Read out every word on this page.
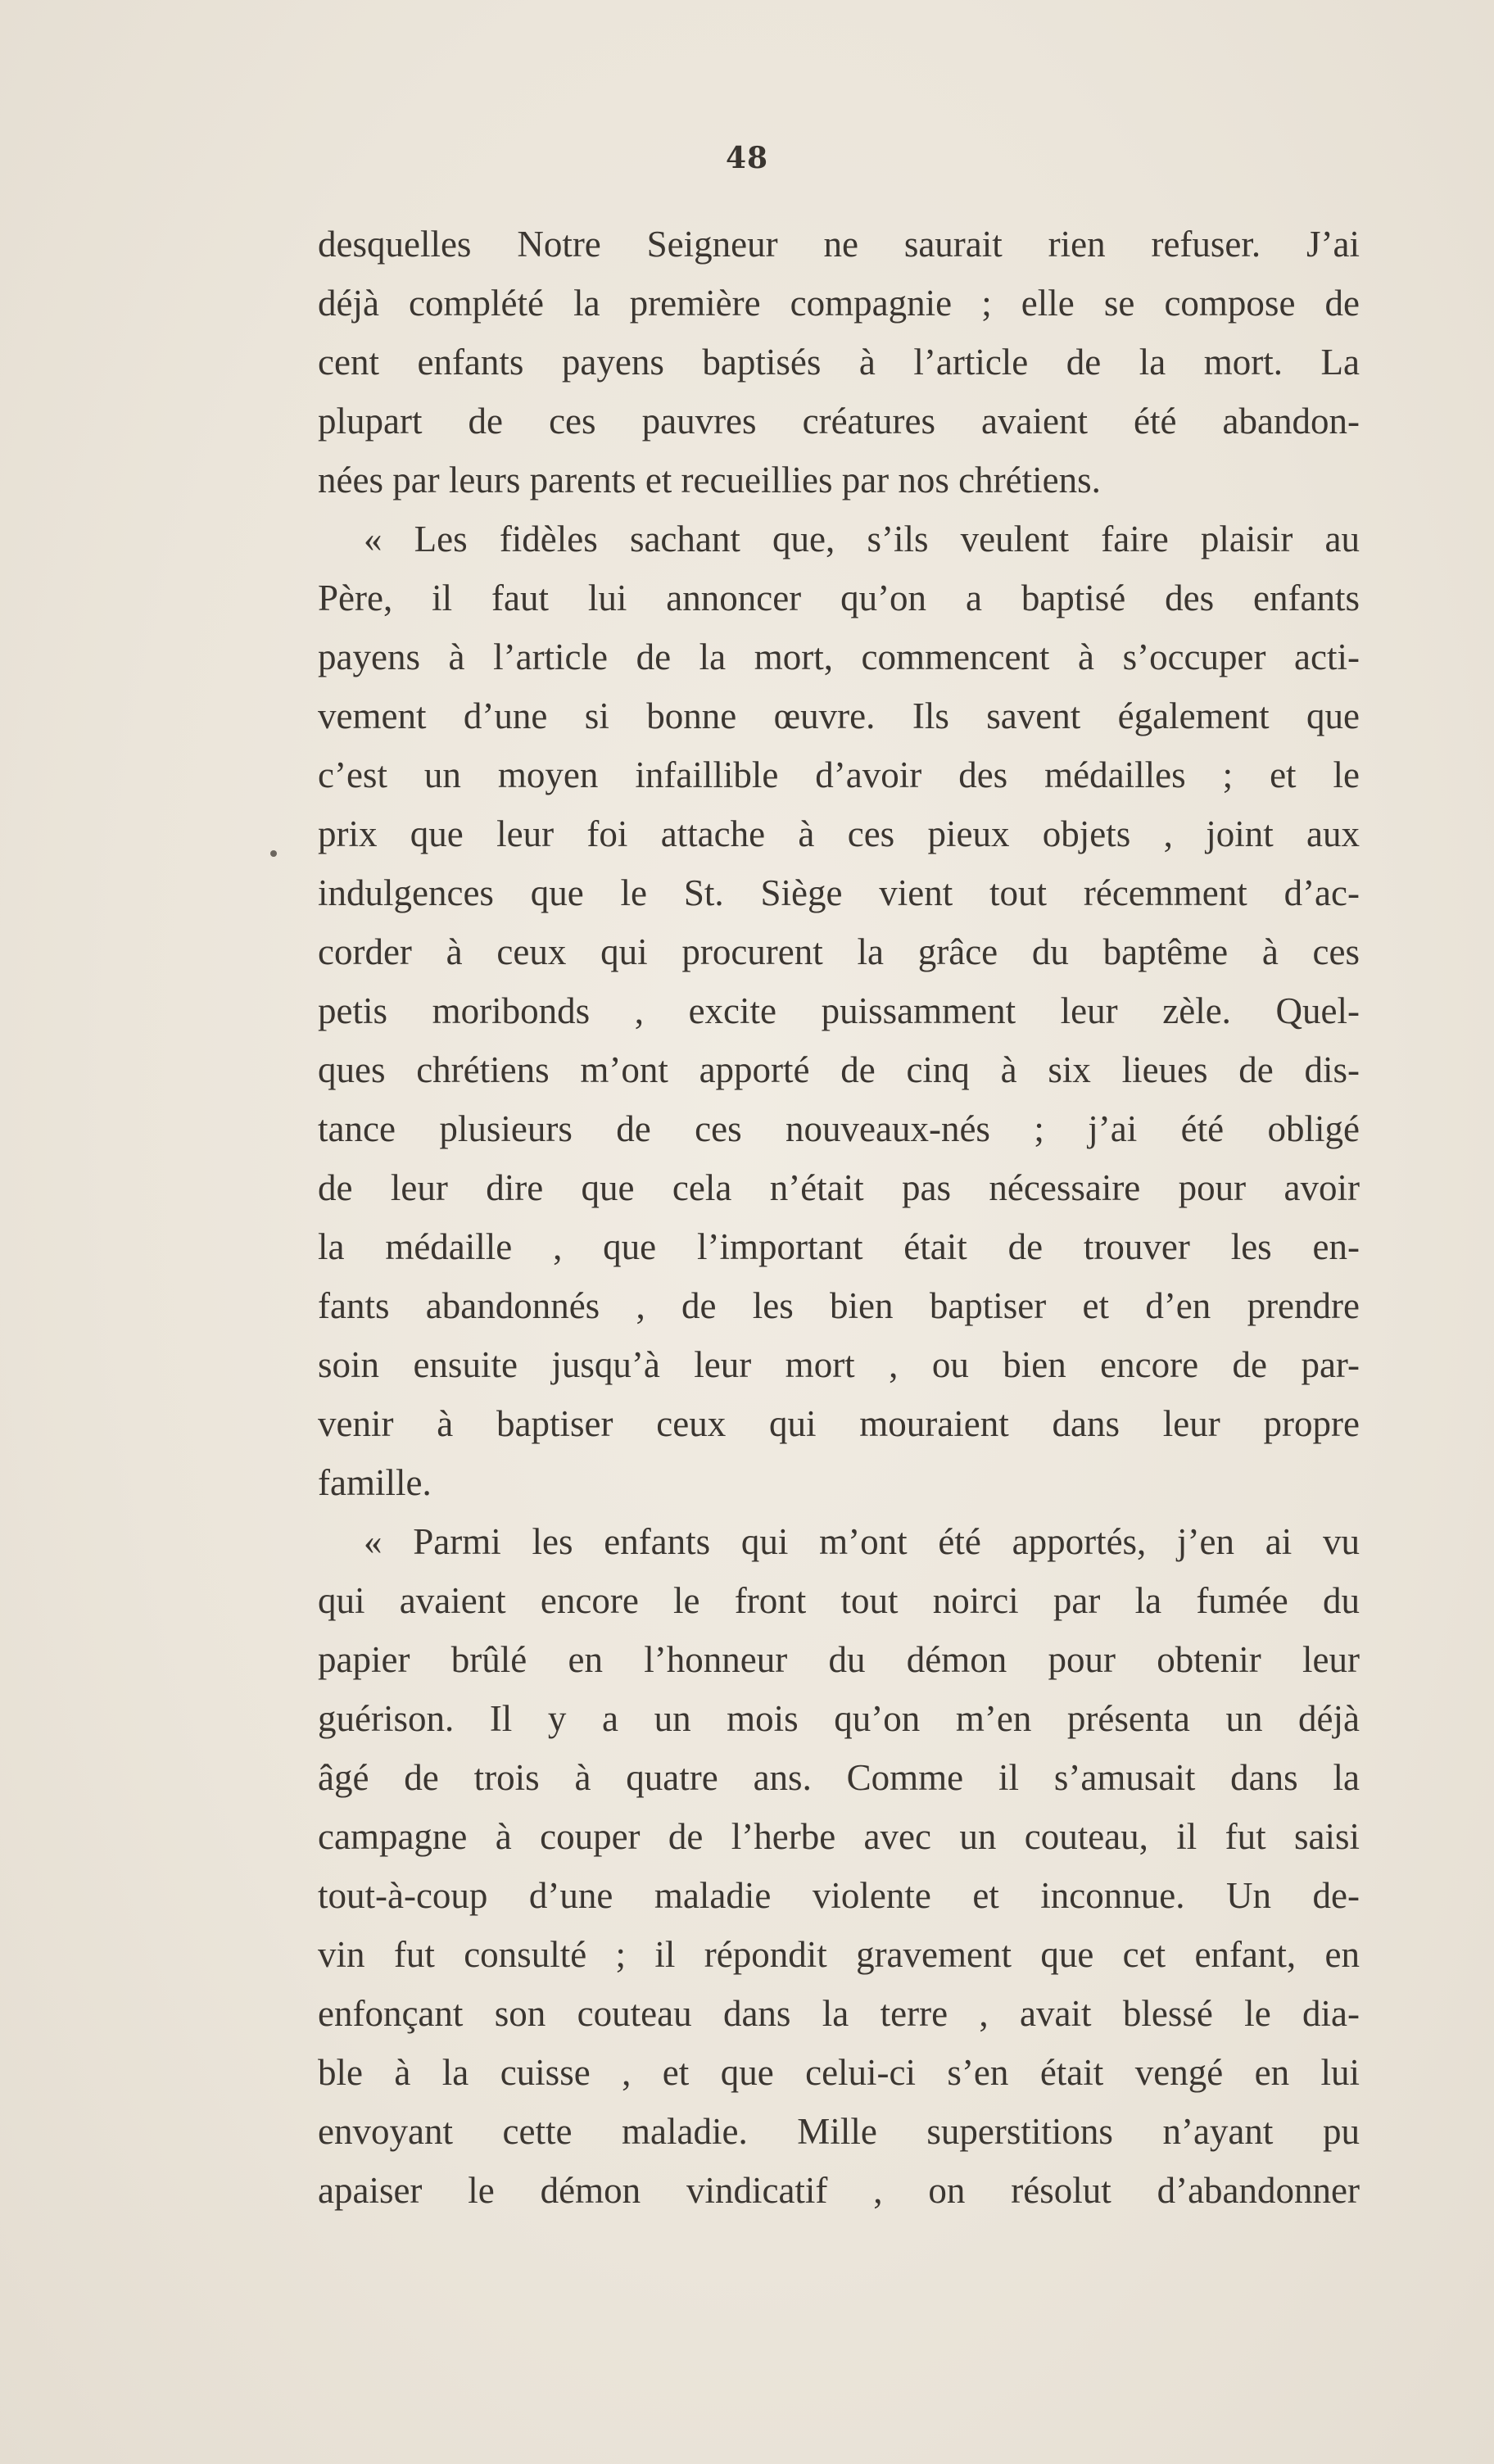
48
desquelles Notre Seigneur ne saurait rien refuser. J’ai
déjà complété la première compagnie ; elle se compose de
cent enfants payens baptisés à l’article de la mort. La
plupart de ces pauvres créatures avaient été abandon-
nées par leurs parents et recueillies par nos chrétiens.
« Les fidèles sachant que, s’ils veulent faire plaisir au
Père, il faut lui annoncer qu’on a baptisé des enfants
payens à l’article de la mort, commencent à s’occuper acti-
vement d’une si bonne œuvre. Ils savent également que
c’est un moyen infaillible d’avoir des médailles ; et le
prix que leur foi attache à ces pieux objets , joint aux
indulgences que le St. Siège vient tout récemment d’ac-
corder à ceux qui procurent la grâce du baptême à ces
petis moribonds , excite puissamment leur zèle. Quel-
ques chrétiens m’ont apporté de cinq à six lieues de dis-
tance plusieurs de ces nouveaux-nés ; j’ai été obligé
de leur dire que cela n’était pas nécessaire pour avoir
la médaille , que l’important était de trouver les en-
fants abandonnés , de les bien baptiser et d’en prendre
soin ensuite jusqu’à leur mort , ou bien encore de par-
venir à baptiser ceux qui mouraient dans leur propre
famille.
« Parmi les enfants qui m’ont été apportés, j’en ai vu
qui avaient encore le front tout noirci par la fumée du
papier brûlé en l’honneur du démon pour obtenir leur
guérison. Il y a un mois qu’on m’en présenta un déjà
âgé de trois à quatre ans. Comme il s’amusait dans la
campagne à couper de l’herbe avec un couteau, il fut saisi
tout-à-coup d’une maladie violente et inconnue. Un de-
vin fut consulté ; il répondit gravement que cet enfant, en
enfonçant son couteau dans la terre , avait blessé le dia-
ble à la cuisse , et que celui-ci s’en était vengé en lui
envoyant cette maladie. Mille superstitions n’ayant pu
apaiser le démon vindicatif , on résolut d’abandonner
